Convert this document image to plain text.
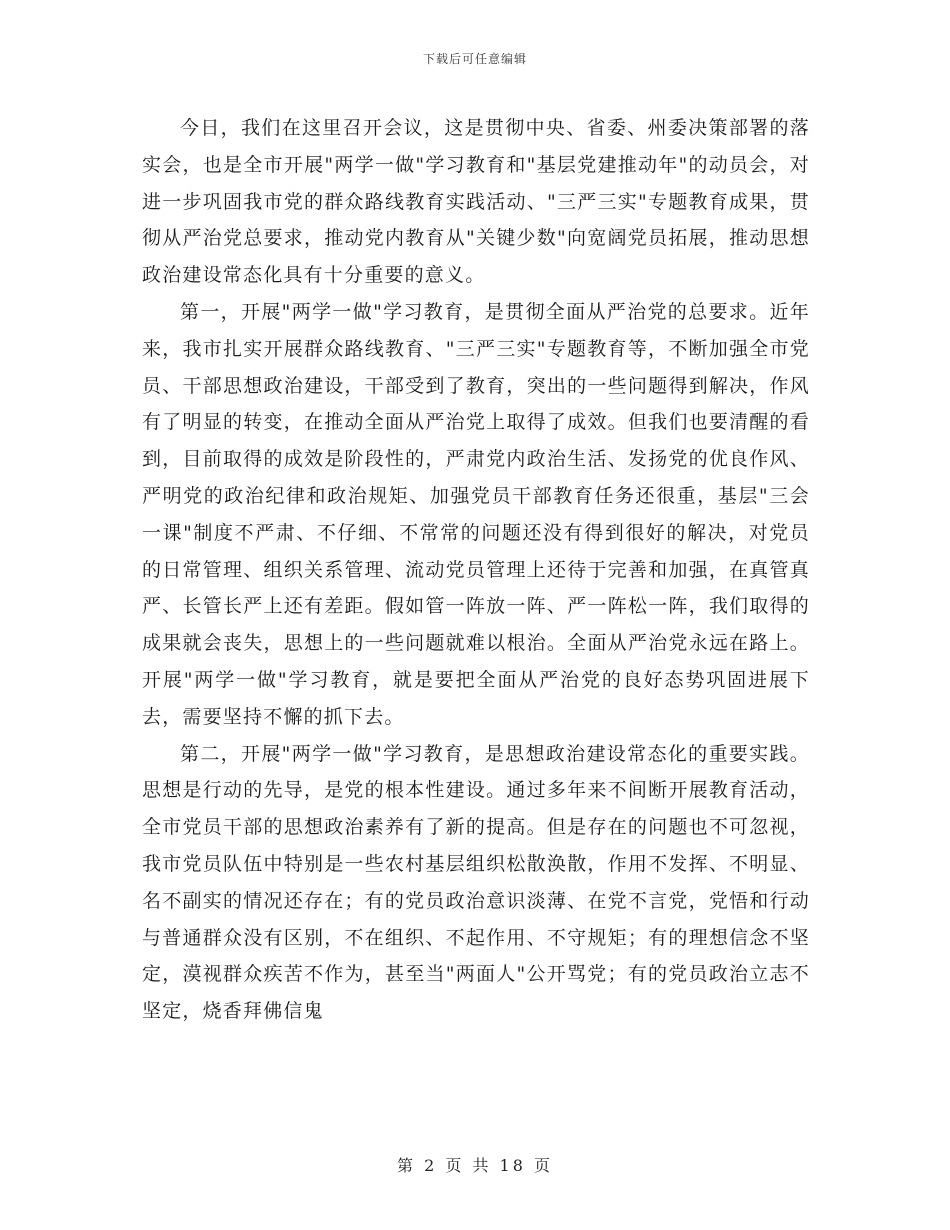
下载后可任意编辑

今日，我们在这里召开会议，这是贯彻中央、省委、州委决策部署的落实会，也是全市开展"两学一做"学习教育和"基层党建推动年"的动员会，对进一步巩固我市党的群众路线教育实践活动、"三严三实"专题教育成果，贯彻从严治党总要求，推动党内教育从"关键少数"向宽阔党员拓展，推动思想政治建设常态化具有十分重要的意义。

第一，开展"两学一做"学习教育，是贯彻全面从严治党的总要求。近年来，我市扎实开展群众路线教育、"三严三实"专题教育等，不断加强全市党员、干部思想政治建设，干部受到了教育，突出的一些问题得到解决，作风有了明显的转变，在推动全面从严治党上取得了成效。但我们也要清醒的看到，目前取得的成效是阶段性的，严肃党内政治生活、发扬党的优良作风、严明党的政治纪律和政治规矩、加强党员干部教育任务还很重，基层"三会一课"制度不严肃、不仔细、不常常的问题还没有得到很好的解决，对党员的日常管理、组织关系管理、流动党员管理上还待于完善和加强，在真管真严、长管长严上还有差距。假如管一阵放一阵、严一阵松一阵，我们取得的成果就会丧失，思想上的一些问题就难以根治。全面从严治党永远在路上。开展"两学一做"学习教育，就是要把全面从严治党的良好态势巩固进展下去，需要坚持不懈的抓下去。

第二，开展"两学一做"学习教育，是思想政治建设常态化的重要实践。思想是行动的先导，是党的根本性建设。通过多年来不间断开展教育活动，全市党员干部的思想政治素养有了新的提高。但是存在的问题也不可忽视，我市党员队伍中特别是一些农村基层组织松散涣散，作用不发挥、不明显、名不副实的情况还存在；有的党员政治意识淡薄、在党不言党，党悟和行动与普通群众没有区别，不在组织、不起作用、不守规矩；有的理想信念不坚定，漠视群众疾苦不作为，甚至当"两面人"公开骂党；有的党员政治立志不坚定，烧香拜佛信鬼

第 2 页 共 18 页
